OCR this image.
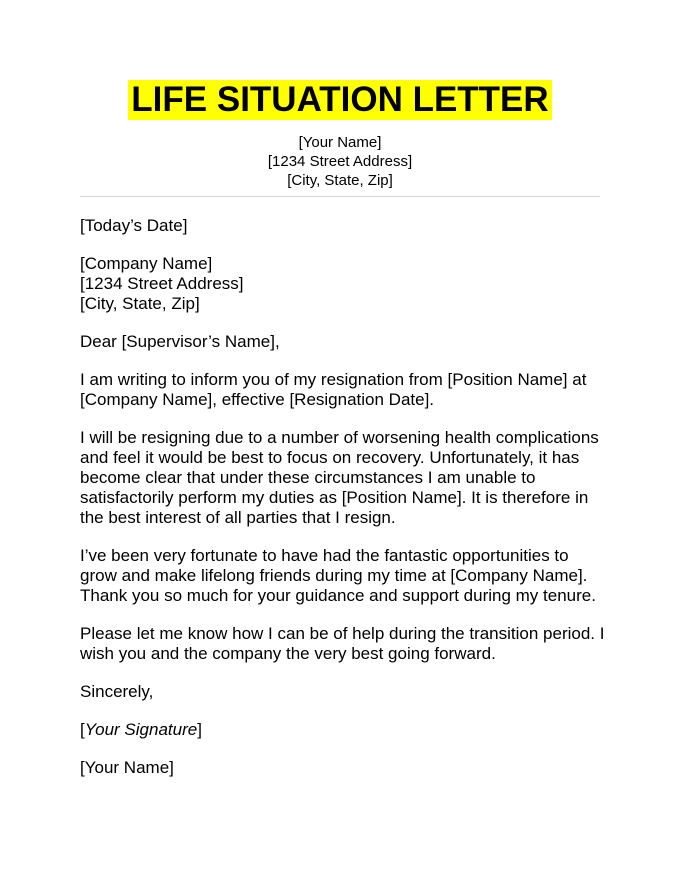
LIFE SITUATION LETTER
[Your Name]
[1234 Street Address]
[City, State, Zip]

[Today’s Date]

[Company Name]
[1234 Street Address]
[City, State, Zip]

Dear [Supervisor’s Name],

I am writing to inform you of my resignation from [Position Name] at [Company Name], effective [Resignation Date].

I will be resigning due to a number of worsening health complications and feel it would be best to focus on recovery. Unfortunately, it has become clear that under these circumstances I am unable to satisfactorily perform my duties as [Position Name]. It is therefore in the best interest of all parties that I resign.

I’ve been very fortunate to have had the fantastic opportunities to grow and make lifelong friends during my time at [Company Name]. Thank you so much for your guidance and support during my tenure.

Please let me know how I can be of help during the transition period. I wish you and the company the very best going forward.

Sincerely,

[Your Signature]

[Your Name]
